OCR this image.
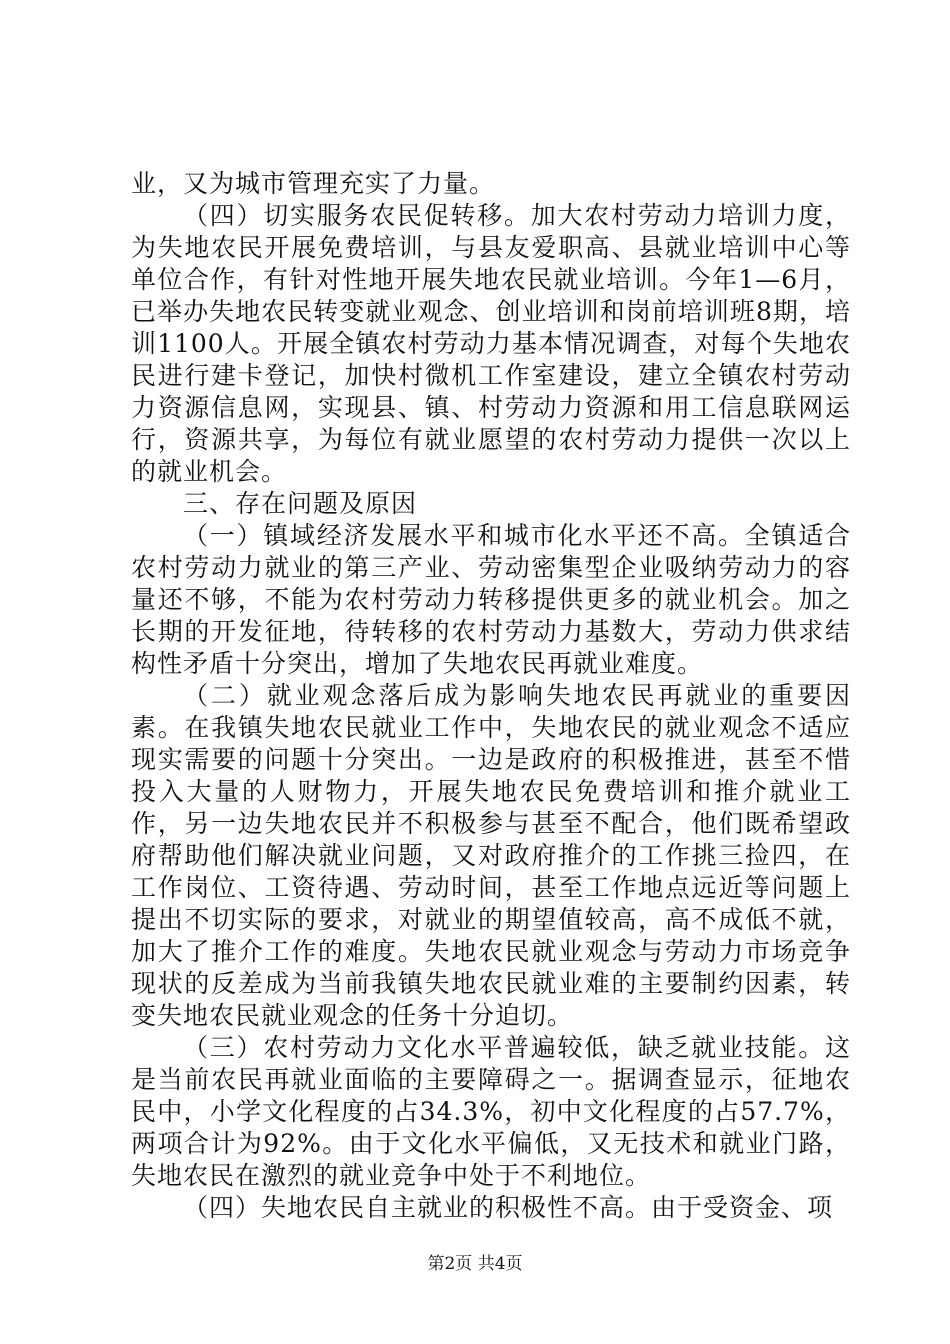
业，又为城市管理充实了力量。

（四）切实服务农民促转移。加大农村劳动力培训力度，为失地农民开展免费培训，与县友爱职高、县就业培训中心等单位合作，有针对性地开展失地农民就业培训。今年1—6月，已举办失地农民转变就业观念、创业培训和岗前培训班8期，培训1100人。开展全镇农村劳动力基本情况调查，对每个失地农民进行建卡登记，加快村微机工作室建设，建立全镇农村劳动力资源信息网，实现县、镇、村劳动力资源和用工信息联网运行，资源共享，为每位有就业愿望的农村劳动力提供一次以上的就业机会。

三、存在问题及原因

（一）镇域经济发展水平和城市化水平还不高。全镇适合农村劳动力就业的第三产业、劳动密集型企业吸纳劳动力的容量还不够，不能为农村劳动力转移提供更多的就业机会。加之长期的开发征地，待转移的农村劳动力基数大，劳动力供求结构性矛盾十分突出，增加了失地农民再就业难度。

（二）就业观念落后成为影响失地农民再就业的重要因素。在我镇失地农民就业工作中，失地农民的就业观念不适应现实需要的问题十分突出。一边是政府的积极推进，甚至不惜投入大量的人财物力，开展失地农民免费培训和推介就业工作，另一边失地农民并不积极参与甚至不配合，他们既希望政府帮助他们解决就业问题，又对政府推介的工作挑三捡四，在工作岗位、工资待遇、劳动时间，甚至工作地点远近等问题上提出不切实际的要求，对就业的期望值较高，高不成低不就，加大了推介工作的难度。失地农民就业观念与劳动力市场竞争现状的反差成为当前我镇失地农民就业难的主要制约因素，转变失地农民就业观念的任务十分迫切。

（三）农村劳动力文化水平普遍较低，缺乏就业技能。这是当前农民再就业面临的主要障碍之一。据调查显示，征地农民中，小学文化程度的占34.3%，初中文化程度的占57.7%，两项合计为92%。由于文化水平偏低，又无技术和就业门路，失地农民在激烈的就业竞争中处于不利地位。

（四）失地农民自主就业的积极性不高。由于受资金、项

第2页 共4页
